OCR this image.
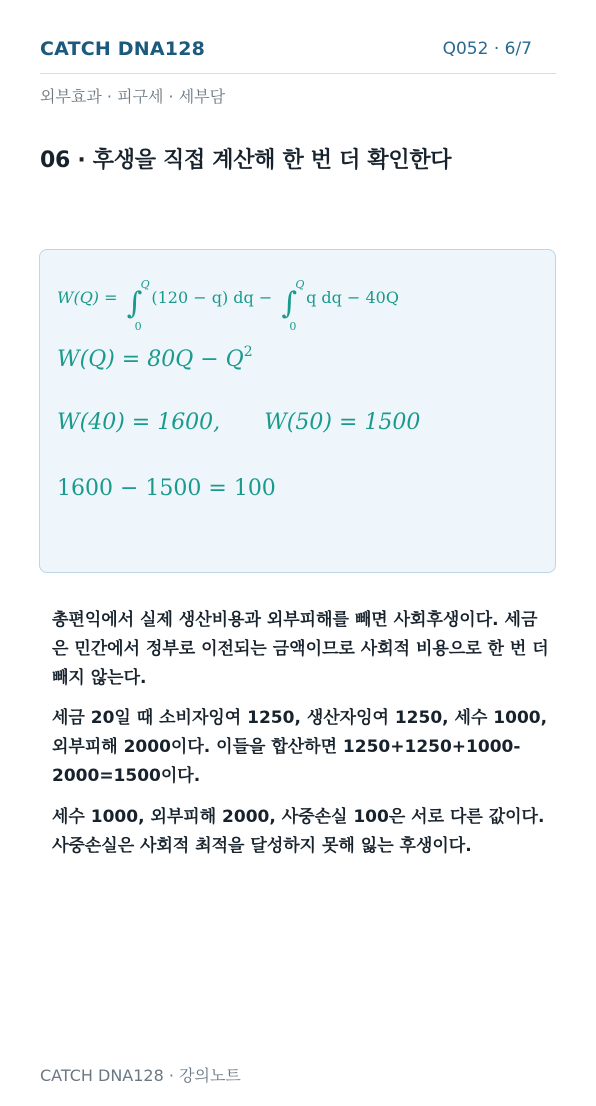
CATCH DNA128	Q052 · 6/7
외부효과 · 피구세 · 세부담
06 · 후생을 직접 계산해 한 번 더 확인한다
W(Q) = ∫
Q
0
(120 − q) dq − ∫
Q
0
q dq − 40Q
$W(Q) = 80Q - Q^2$
W(40) = 1600, W(50) = 1500
1600 − 1500 = 100
총편익에서 실제 생산비용과 외부피해를 빼면 사회후생이다. 세금은 민간에서 정부로 이전되는 금액이므로 사회적 비용으로 한 번 더 빼지 않는다.
세금 20일 때 소비자잉여 1250, 생산자잉여 1250, 세수 1000, 외부피해 2000이다. 이들을 합산하면 1250+1250+1000-2000=1500이다.
세수 1000, 외부피해 2000, 사중손실 100은 서로 다른 값이다. 사중손실은 사회적 최적을 달성하지 못해 잃는 후생이다.
CATCH DNA128 · 강의노트
